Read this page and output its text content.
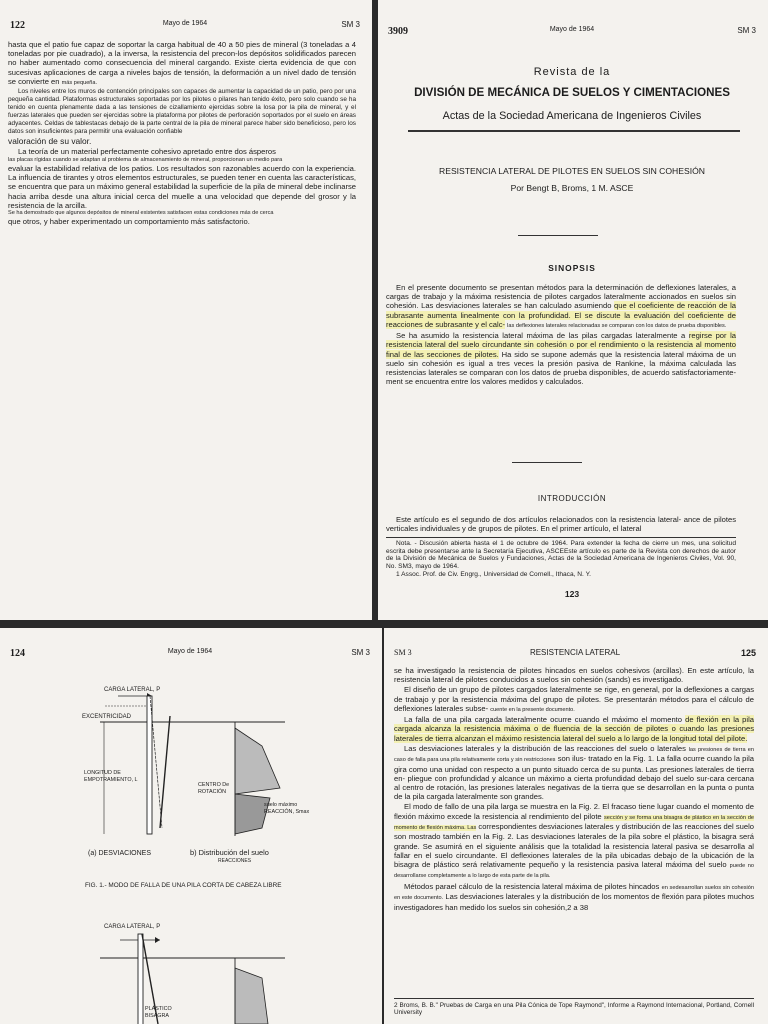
122	Mayo de 1964	SM 3

hasta que el patio fue capaz de soportar la carga habitual de 40 a 50 pies de mineral (3 toneladas a 4 toneladas por pie cuadrado), a la inversa, la resistencia del precon-los depósitos solidificados parecen no haber aumentado como consecuencia del mineral cargando. Existe cierta evidencia de que con sucesivas aplicaciones de carga a niveles bajos de tensión, la deformación a un nivel dado de tensión se convierte en más pequeña.

Los niveles entre los muros de contención principales son capaces de aumentar la capacidad de un patio, pero por una pequeña cantidad. Plataformas estructurales soportadas por los pilotes o pilares han tenido éxito, pero solo cuando se ha tenido en cuenta plenamente dada a las tensiones de cizallamiento ejercidas sobre la losa por la pila de mineral, y el fuerzas laterales que pueden ser ejercidas sobre la plataforma por pilotes de perforación soportados por el suelo en áreas adyacentes. Celdas de tablestacas debajo de la parte central de la pila de mineral parece haber sido beneficioso, pero los datos son insuficientes para permitir una evaluación confiable

valoración de su valor.

La teoría de un material perfectamente cohesivo apretado entre dos ásperos

las placas rígidas cuando se adaptan al problema de almacenamiento de mineral, proporcionan un medio para

evaluar la estabilidad relativa de los patios. Los resultados son razonables acuerdo con la experiencia. La influencia de tirantes y otros elementos estructurales, se pueden tener en cuenta las características, se encuentra que para un máximo general estabilidad la superficie de la pila de mineral debe inclinarse hacia arriba desde una altura inicial cerca del muelle a una velocidad que depende del grosor y la resistencia de la arcilla.

Se ha demostrado que algunos depósitos de mineral existentes satisfacen estas condiciones más de cerca

que otros, y haber experimentado un comportamiento más satisfactorio.

3909	Mayo de 1964	SM 3
Revista de la
DIVISIÓN DE MECÁNICA DE SUELOS Y CIMENTACIONES
Actas de la Sociedad Americana de Ingenieros Civiles
RESISTENCIA LATERAL DE PILOTES EN SUELOS SIN COHESIÓN
Por Bengt B, Broms, 1 M. ASCE
SINOPSIS

En el presente documento se presentan métodos para la determinación de deflexiones laterales, a cargas de trabajo y la máxima resistencia de pilotes cargados lateralmente accionados en suelos sin cohesión. Las desviaciones laterales se han calculado asumiendo que el coeficiente de reacción de la subrasante aumenta linealmente con la profundidad. El se discute la evaluación del coeficiente de reacciones de subrasante y el calc- las deflexiones laterales relacionadas se comparan con los datos de prueba disponibles.

Se ha asumido la resistencia lateral máxima de las pilas cargadas lateralmente a regirse por la resistencia lateral del suelo circundante sin cohesión o por el rendimiento o la resistencia al momento final de las secciones de pilotes. Ha sido se supone además que la resistencia lateral máxima de un suelo sin cohesión es igual a tres veces la presión pasiva de Rankine, la máxima calculada las resistencias laterales se comparan con los datos de prueba disponibles, de acuerdo satisfactoriamente-ment se encuentra entre los valores medidos y calculados.

INTRODUCCIÓN

Este artículo es el segundo de dos artículos relacionados con la resistencia lateral- ance de pilotes verticales individuales y de grupos de pilotes. En el primer artículo, el lateral

Nota. - Discusión abierta hasta el 1 de octubre de 1964. Para extender la fecha de cierre un mes, una solicitud escrita debe presentarse ante la Secretaría Ejecutiva, ASCEEste artículo es parte de la Revista con derechos de autor de la División de Mecánica de Suelos y Fundaciones, Actas de la Sociedad Americana de Ingenieros Civiles, Vol. 90, No. SM3, mayo de 1964.

1 Assoc. Prof. de Civ. Engrg., Universidad de Cornell., Ithaca, N. Y.

123
124	Mayo de 1964	SM 3
CARGA LATERAL, P
EXCENTRICIDAD
LONGITUD DE
EMPOTRAMIENTO, L
CENTRO De
ROTACIÓN
suelo máximo
REACCIÓN, Smax
(a) DESVIACIONES	b) Distribución del suelo
REACCIONES
FIG. 1.- MODO DE FALLA DE UNA PILA CORTA DE CABEZA LIBRE
CARGA LATERAL, P
PLÁSTICO
BISAGRA
SM 3	RESISTENCIA LATERAL	125

se ha investigado la resistencia de pilotes hincados en suelos cohesivos (arcillas). En este artículo, la resistencia lateral de pilotes conducidos a suelos sin cohesión (sands) es investigado.

El diseño de un grupo de pilotes cargados lateralmente se rige, en general, por la deflexiones a cargas de trabajo y por la resistencia máxima del grupo de pilotes. Se presentarán métodos para el cálculo de deflexiones laterales subse- cuente en la presente documento.

La falla de una pila cargada lateralmente ocurre cuando el máximo el momento de flexión en la pila cargada alcanza la resistencia máxima o de fluencia de la sección de pilotes o cuando las presiones laterales de tierra alcanzan el máximo resistencia lateral del suelo a lo largo de la longitud total del pilote.

Las desviaciones laterales y la distribución de las reacciones del suelo o laterales las presiones de tierra en caso de falla para una pila relativamente corta y sin restricciones son ilus- tratado en la Fig. 1. La falla ocurre cuando la pila gira como una unidad con respecto a un punto situado cerca de su punta. Las presiones laterales de tierra en- pliegue con profundidad y alcance un máximo a cierta profundidad debajo del suelo sur-cara cercana al centro de rotación, las presiones laterales negativas de la tierra que se desarrollan en la punta o punta de la pila cargada lateralmente son grandes.

El modo de fallo de una pila larga se muestra en la Fig. 2. El fracaso tiene lugar cuando el momento de flexión máximo excede la resistencia al rendimiento del pilote sección y se forma una bisagra de plástico en la sección de momento de flexión máxima. Las correspondientes desviaciones laterales y distribución de las reacciones del suelo son mostrado también en la Fig. 2. Las desviaciones laterales de la pila sobre el plástico, la bisagra será grande. Se asumirá en el siguiente análisis que la totalidad la resistencia lateral pasiva se desarrolla al fallar en el suelo circundante. El deflexiones laterales de la pila ubicadas debajo de la ubicación de la bisagra de plástico será relativamente pequeño y la resistencia pasiva lateral máxima del suelo puede no desarrollarse completamente a lo largo de esta parte de la pila.

Métodos parael cálculo de la resistencia lateral máxima de pilotes hincados en sedesarrollan suelos sin cohesión en este documento. Las desviaciones laterales y la distribución de los momentos de flexión para pilotes muchos investigadores han medido los suelos sin cohesión,2 a 38

2 Broms, B. B." Pruebas de Carga en una Pila Cónica de Tope Raymond", Informe a Raymond Internacional, Portland, Cornell University
